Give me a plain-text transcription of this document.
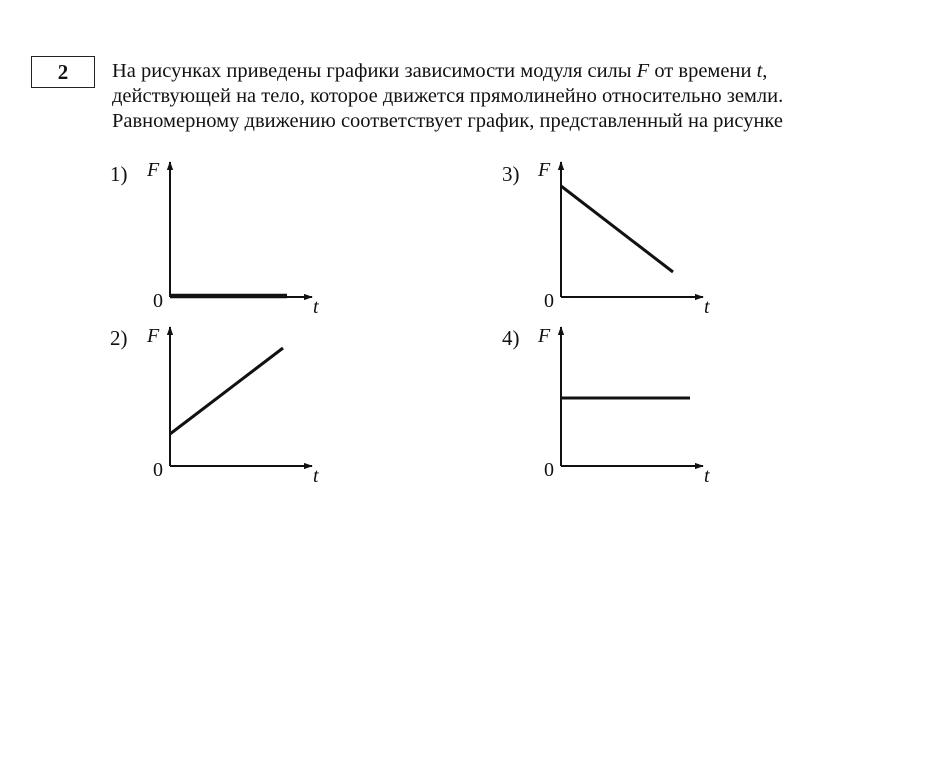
2	На рисунках приведены графики зависимости модуля силы F от времени t,
действующей на тело, которое движется прямолинейно относительно земли.
Равномерному движению соответствует график, представленный на рисунке
1)
2)
3)
4)
F
t
0
F
t
0
F
t
0
F
t
0
